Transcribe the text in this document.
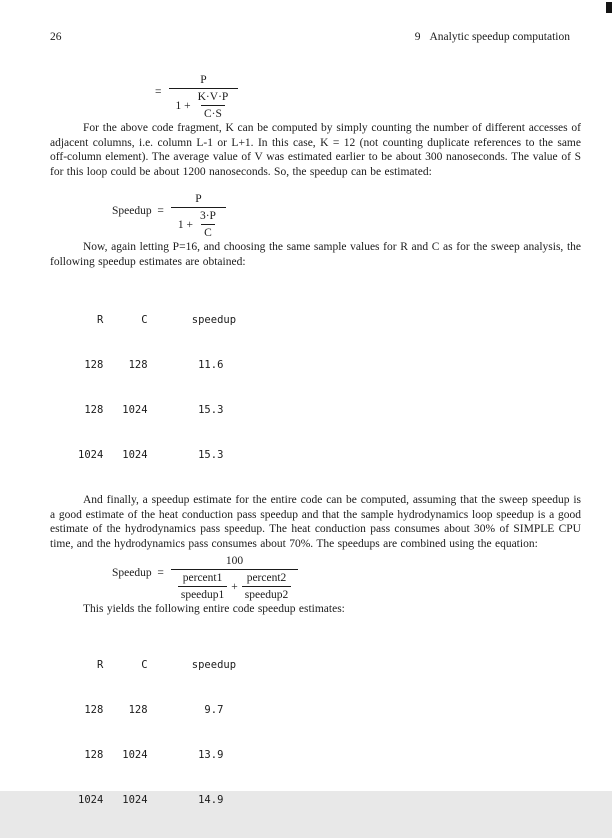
26	9 Analytic speedup computation
= $\frac{P}{1 + \frac{K\cdot V\cdot P}{C\cdot S}}$

For the above code fragment, K can be computed by simply counting the number of different accesses of adjacent columns, i.e. column L-1 or L+1. In this case, K = 12 (not counting duplicate references to the same off-column element). The average value of V was estimated earlier to be about 300 nanoseconds. The value of S for this loop could be about 1200 nanoseconds. So, the speedup can be estimated:

Speedup  = $\frac{P}{1 + \frac{3\cdot P}{C}}$

Now, again letting P=16, and choosing the same sample values for R and C as for the sweep analysis, the following speedup estimates are obtained:

R      C       speedup

128    128        11.6

128   1024        15.3

1024   1024        15.3

And finally, a speedup estimate for the entire code can be computed, assuming that the sweep speedup is a good estimate of the heat conduction pass speedup and that the sample hydrodynamics loop speedup is a good estimate of the hydrodynamics pass speedup. The heat conduction pass consumes about 30% of SIMPLE CPU time, and the hydrodynamics pass consumes about 70%. The speedups are combined using the equation:

Speedup  =
100
$\frac{\text{percent1}}{\text{speedup1}} + \frac{\text{percent2}}{\text{speedup2}}$

This yields the following entire code speedup estimates:

R      C       speedup

128    128         9.7

128   1024        13.9

1024   1024        14.9
